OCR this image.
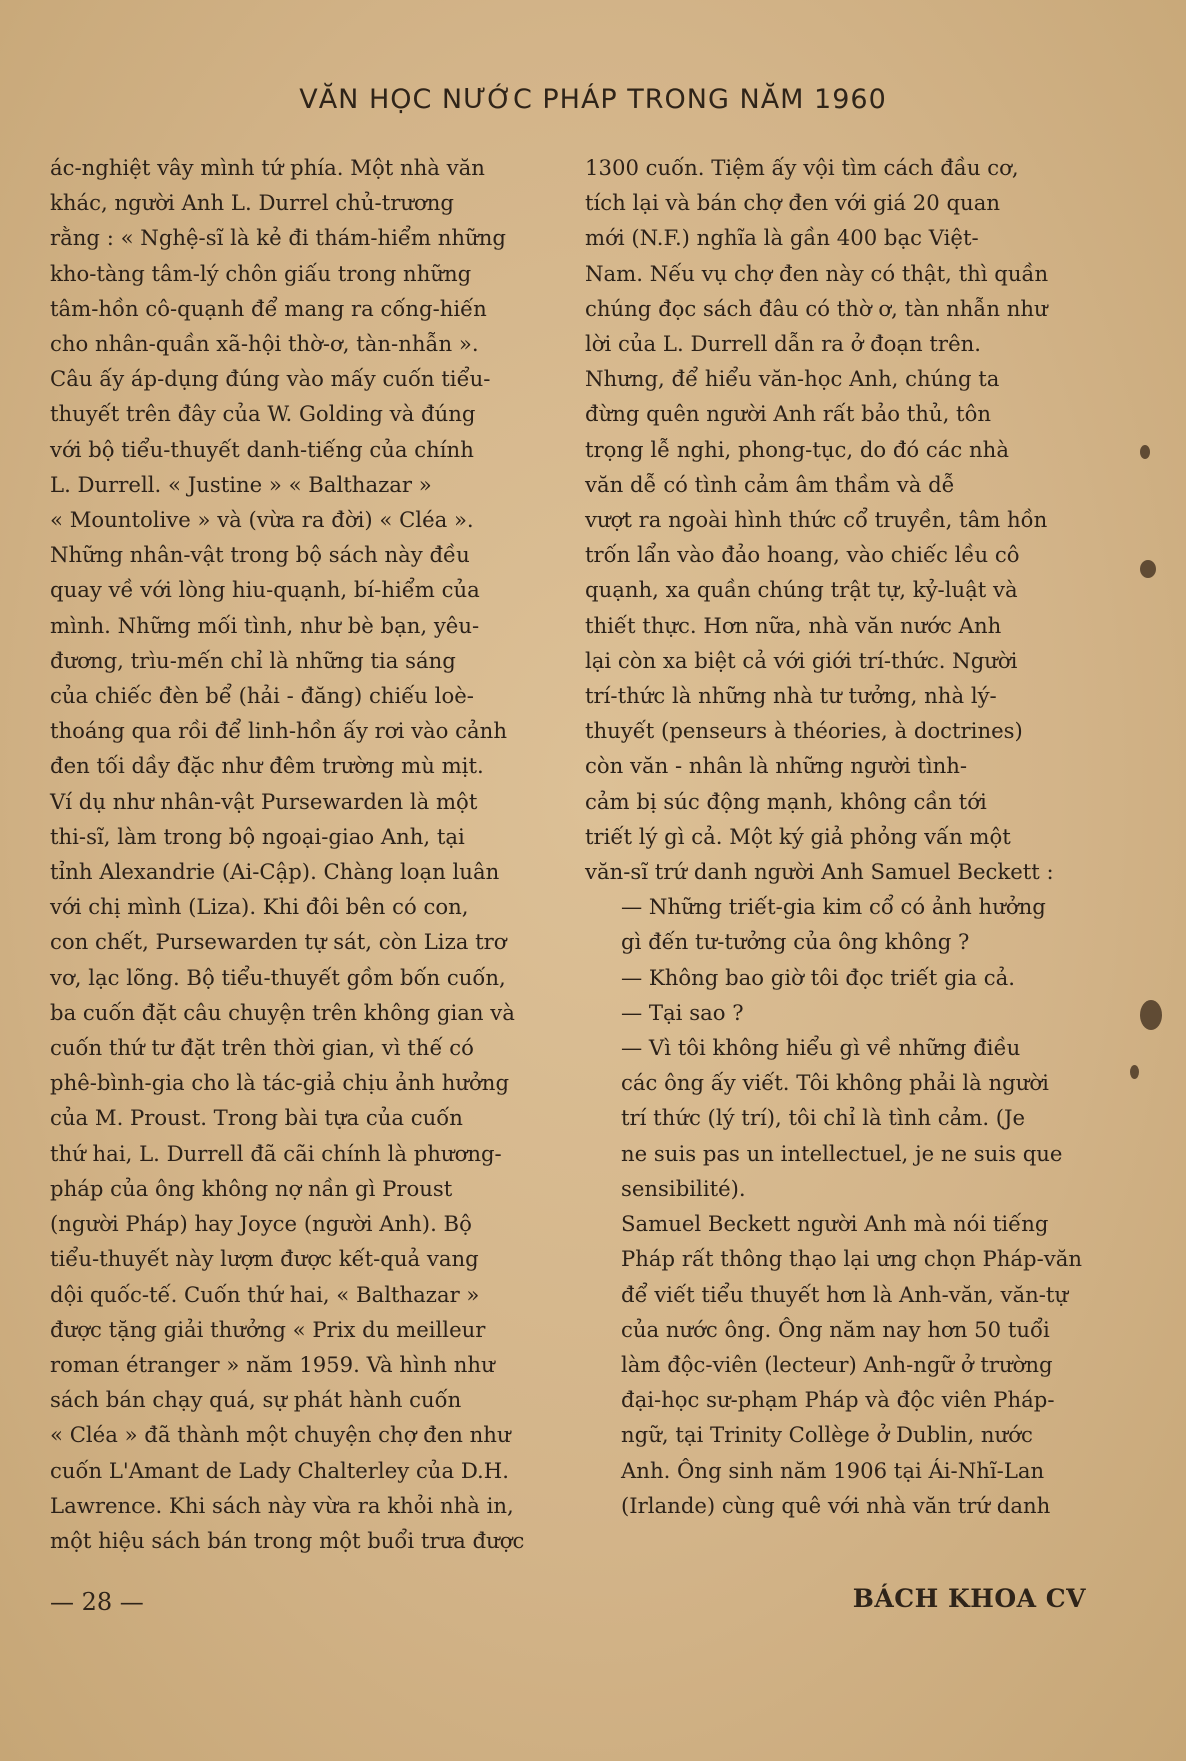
VĂN HỌC NƯỚC PHÁP TRONG NĂM 1960

ác-nghiệt vây mình tứ phía. Một nhà văn
khác, người Anh L. Durrel chủ-trương
rằng : « Nghệ-sĩ là kẻ đi thám-hiểm những
kho-tàng tâm-lý chôn giấu trong những
tâm-hồn cô-quạnh để mang ra cống-hiến
cho nhân-quần xã-hội thờ-ơ, tàn-nhẫn ».
Câu ấy áp-dụng đúng vào mấy cuốn tiểu-
thuyết trên đây của W. Golding và đúng
với bộ tiểu-thuyết danh-tiếng của chính
L. Durrell. « Justine » « Balthazar »
« Mountolive » và (vừa ra đời) « Cléa ».
Những nhân-vật trong bộ sách này đều
quay về với lòng hiu-quạnh, bí-hiểm của
mình. Những mối tình, như bè bạn, yêu-
đương, trìu-mến chỉ là những tia sáng
của chiếc đèn bể (hải - đăng) chiếu loè-
thoáng qua rồi để linh-hồn ấy rơi vào cảnh
đen tối dầy đặc như đêm trường mù mịt.
Ví dụ như nhân-vật Pursewarden là một
thi-sĩ, làm trong bộ ngoại-giao Anh, tại
tỉnh Alexandrie (Ai-Cập). Chàng loạn luân
với chị mình (Liza). Khi đôi bên có con,
con chết, Pursewarden tự sát, còn Liza trơ
vơ, lạc lõng. Bộ tiểu-thuyết gồm bốn cuốn,
ba cuốn đặt câu chuyện trên không gian và
cuốn thứ tư đặt trên thời gian, vì thế có
phê-bình-gia cho là tác-giả chịu ảnh hưởng
của M. Proust. Trong bài tựa của cuốn
thứ hai, L. Durrell đã cãi chính là phương-
pháp của ông không nợ nần gì Proust
(người Pháp) hay Joyce (người Anh). Bộ
tiểu-thuyết này lượm được kết-quả vang
dội quốc-tế. Cuốn thứ hai, « Balthazar »
được tặng giải thưởng « Prix du meilleur
roman étranger » năm 1959. Và hình như
sách bán chạy quá, sự phát hành cuốn
« Cléa » đã thành một chuyện chợ đen như
cuốn L'Amant de Lady Chalterley của D.H.
Lawrence. Khi sách này vừa ra khỏi nhà in,
một hiệu sách bán trong một buổi trưa được

1300 cuốn. Tiệm ấy vội tìm cách đầu cơ,
tích lại và bán chợ đen với giá 20 quan
mới (N.F.) nghĩa là gần 400 bạc Việt-
Nam. Nếu vụ chợ đen này có thật, thì quần
chúng đọc sách đâu có thờ ơ, tàn nhẫn như
lời của L. Durrell dẫn ra ở đoạn trên.
Nhưng, để hiểu văn-học Anh, chúng ta
đừng quên người Anh rất bảo thủ, tôn
trọng lễ nghi, phong-tục, do đó các nhà
văn dễ có tình cảm âm thầm và dễ
vượt ra ngoài hình thức cổ truyền, tâm hồn
trốn lẩn vào đảo hoang, vào chiếc lều cô
quạnh, xa quần chúng trật tự, kỷ-luật và
thiết thực. Hơn nữa, nhà văn nước Anh
lại còn xa biệt cả với giới trí-thức. Người
trí-thức là những nhà tư tưởng, nhà lý-
thuyết (penseurs à théories, à doctrines)
còn văn - nhân là những người tình-
cảm bị súc động mạnh, không cần tới
triết lý gì cả. Một ký giả phỏng vấn một
văn-sĩ trứ danh người Anh Samuel Beckett :

— Những triết-gia kim cổ có ảnh hưởng
gì đến tư-tưởng của ông không ?

— Không bao giờ tôi đọc triết gia cả.

— Tại sao ?

— Vì tôi không hiểu gì về những điều
các ông ấy viết. Tôi không phải là người
trí thức (lý trí), tôi chỉ là tình cảm. (Je
ne suis pas un intellectuel, je ne suis que
sensibilité).

Samuel Beckett người Anh mà nói tiếng
Pháp rất thông thạo lại ưng chọn Pháp-văn
để viết tiểu thuyết hơn là Anh-văn, văn-tự
của nước ông. Ông năm nay hơn 50 tuổi
làm độc-viên (lecteur) Anh-ngữ ở trường
đại-học sư-phạm Pháp và độc viên Pháp-
ngữ, tại Trinity Collège ở Dublin, nước
Anh. Ông sinh năm 1906 tại Ái-Nhĩ-Lan
(Irlande) cùng quê với nhà văn trứ danh

— 28 —	BÁCH KHOA CV
